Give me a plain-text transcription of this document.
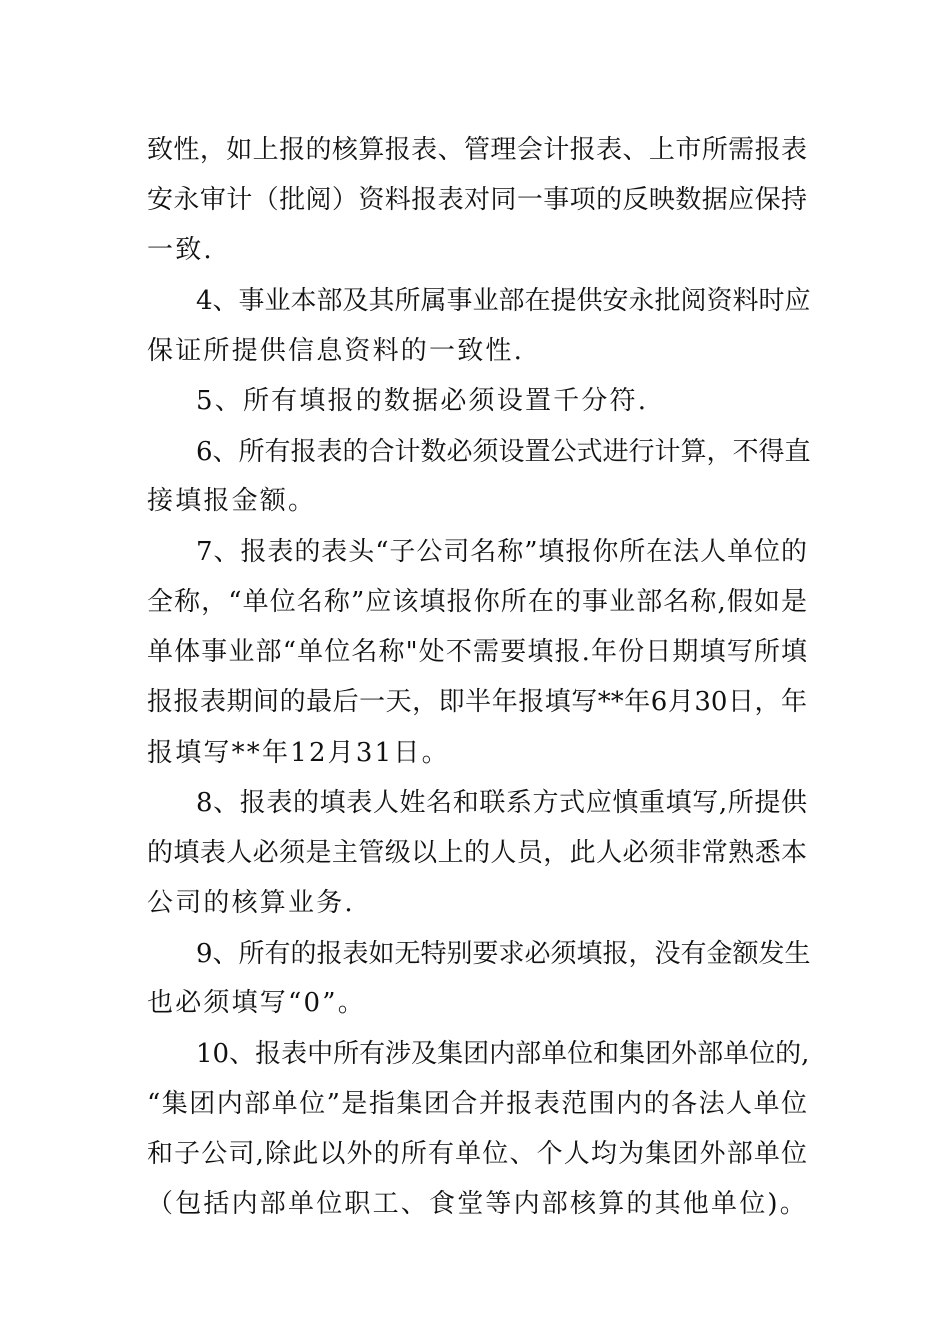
致性，如上报的核算报表、管理会计报表、上市所需报表
安永审计（批阅）资料报表对同一事项的反映数据应保持
一致.
4、事业本部及其所属事业部在提供安永批阅资料时应
保证所提供信息资料的一致性.
5、所有填报的数据必须设置千分符.
6、所有报表的合计数必须设置公式进行计算，不得直
接填报金额。
7、报表的表头“子公司名称”填报你所在法人单位的
全称，“单位名称”应该填报你所在的事业部名称,假如是
单体事业部“单位名称"处不需要填报.年份日期填写所填
报报表期间的最后一天，即半年报填写**年6月30日，年
报填写**年12月31日。
8、报表的填表人姓名和联系方式应慎重填写,所提供
的填表人必须是主管级以上的人员，此人必须非常熟悉本
公司的核算业务.
9、所有的报表如无特别要求必须填报，没有金额发生
也必须填写“0”。
10、报表中所有涉及集团内部单位和集团外部单位的,
“集团内部单位”是指集团合并报表范围内的各法人单位
和子公司,除此以外的所有单位、个人均为集团外部单位
（包括内部单位职工、食堂等内部核算的其他单位)。
